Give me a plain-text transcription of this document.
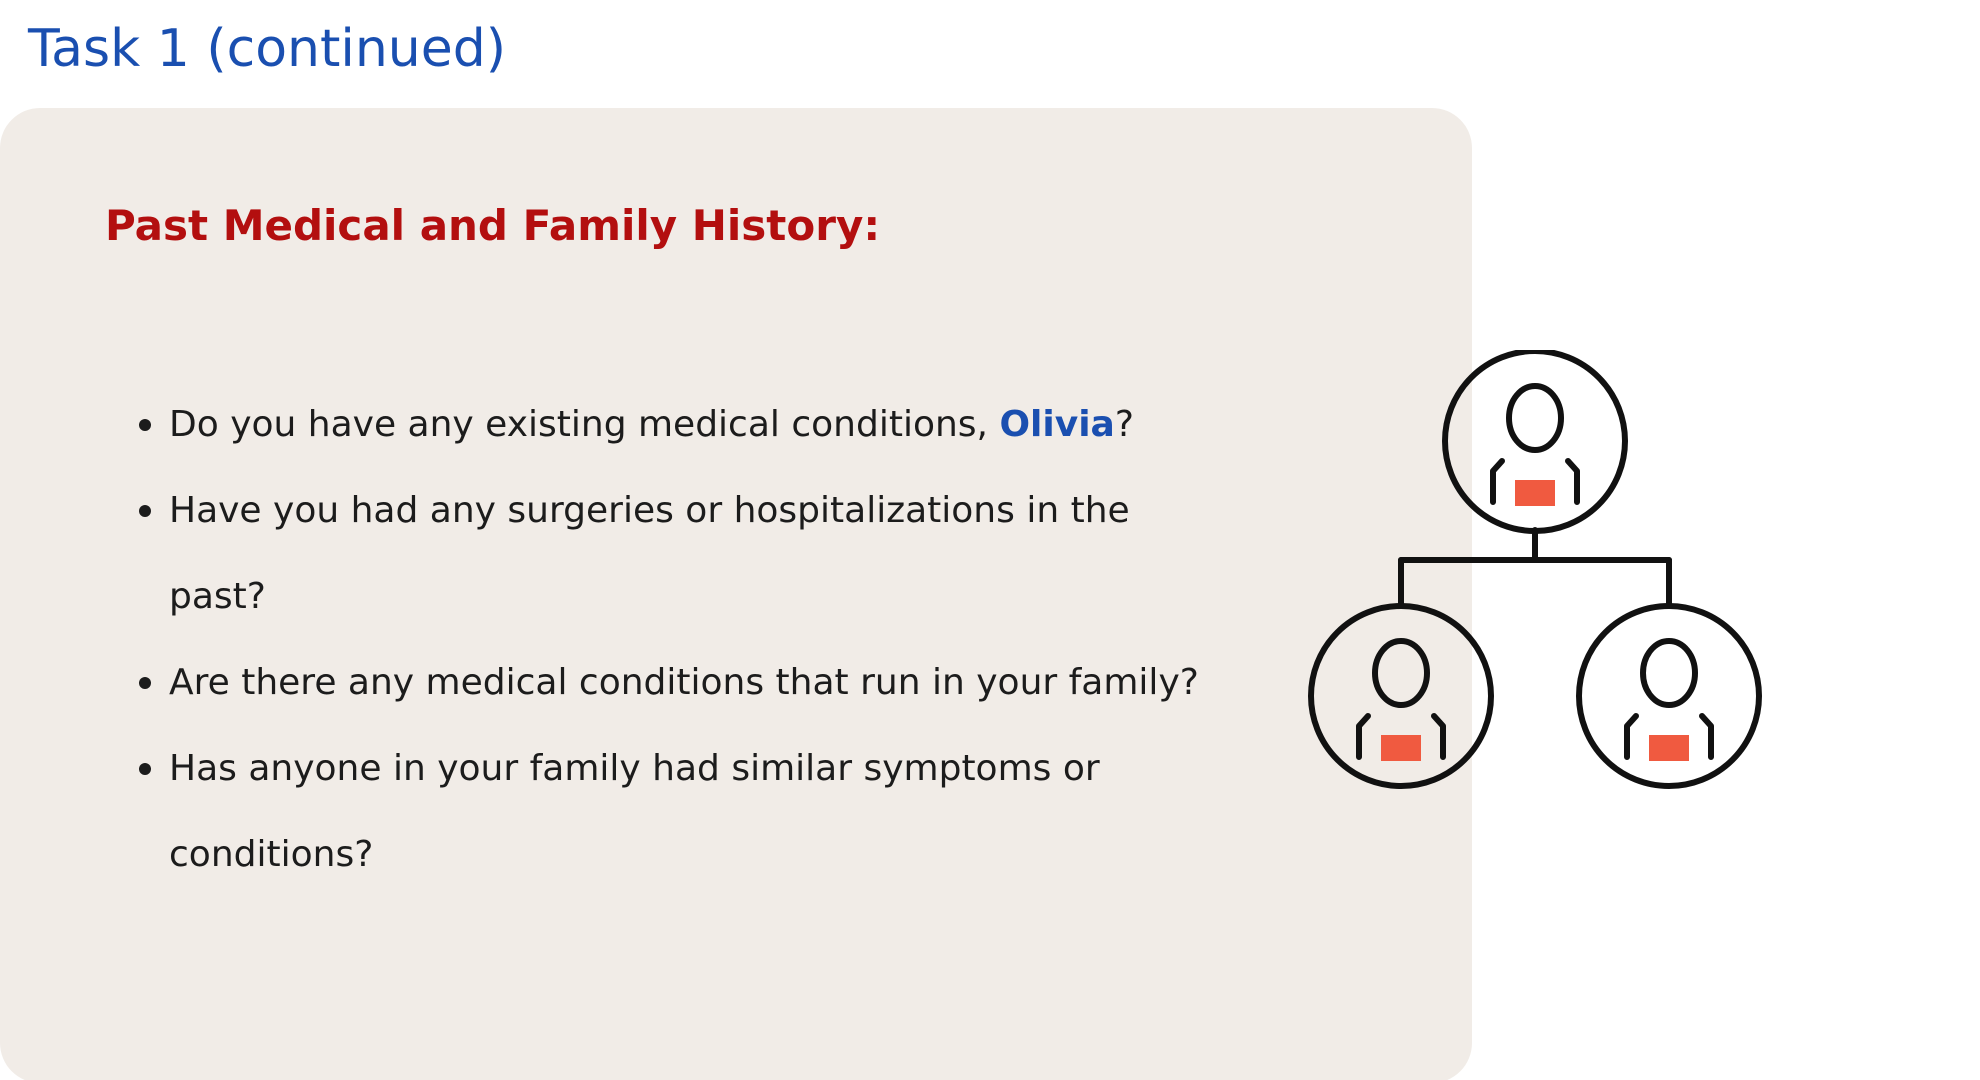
Task 1 (continued)
Past Medical and Family History:
Do you have any existing medical conditions, Olivia?
Have you had any surgeries or hospitalizations in the past?
Are there any medical conditions that run in your family?
Has anyone in your family had similar symptoms or conditions?
